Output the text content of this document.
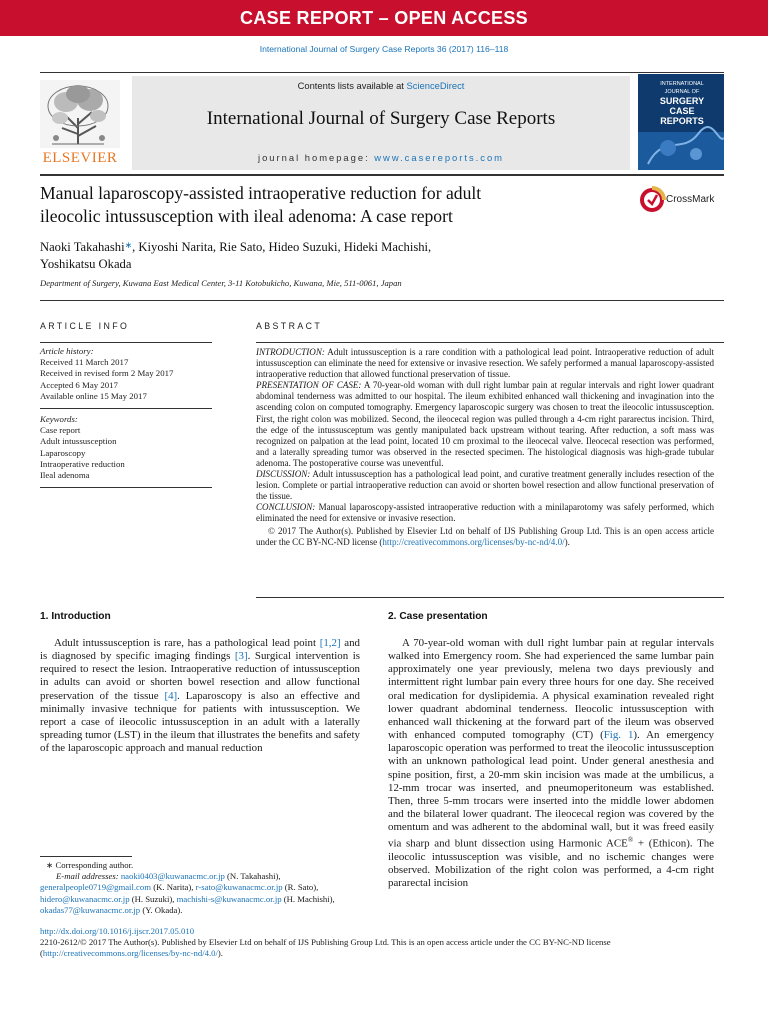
CASE REPORT – OPEN ACCESS
International Journal of Surgery Case Reports 36 (2017) 116–118
ELSEVIER
Contents lists available at ScienceDirect
International Journal of Surgery Case Reports
journal homepage: www.casereports.com
INTERNATIONAL
JOURNAL OF
SURGERY
CASE
REPORTS
Manual laparoscopy-assisted intraoperative reduction for adult
ileocolic intussusception with ileal adenoma: A case report
CrossMark
Naoki Takahashi∗, Kiyoshi Narita, Rie Sato, Hideo Suzuki, Hideki Machishi,
Yoshikatsu Okada
Department of Surgery, Kuwana East Medical Center, 3-11 Kotobukicho, Kuwana, Mie, 511-0061, Japan
ARTICLE INFO	ABSTRACT
Article history:
Received 11 March 2017
Received in revised form 2 May 2017
Accepted 6 May 2017
Available online 15 May 2017
Keywords:
Case report
Adult intussusception
Laparoscopy
Intraoperative reduction
Ileal adenoma

INTRODUCTION: Adult intussusception is a rare condition with a pathological lead point. Intraoperative reduction of adult intussusception can eliminate the need for extensive or invasive resection. We safely performed a manual laparoscopy-assisted intraoperative reduction that allowed functional preservation of tissue.

PRESENTATION OF CASE: A 70-year-old woman with dull right lumbar pain at regular intervals and right lower quadrant abdominal tenderness was admitted to our hospital. The ileum exhibited enhanced wall thickening and invagination into the ascending colon on computed tomography. Emergency laparoscopic surgery was chosen to treat the ileocolic intussusception. First, the right colon was mobilized. Second, the ileocecal region was pulled through a 4-cm right pararectus incision. Third, the edge of the intussusceptum was gently manipulated back upstream without tearing. After reduction, a soft mass was recognized on palpation at the lead point, located 10 cm proximal to the ileocecal valve. Ileocecal resection was performed, and a laterally spreading tumor was observed in the resected specimen. The histological diagnosis was high-grade tubular adenoma. The postoperative course was uneventful.

DISCUSSION: Adult intussusception has a pathological lead point, and curative treatment generally includes resection of the lesion. Complete or partial intraoperative reduction can avoid or shorten bowel resection and allow functional preservation of the tissue.

CONCLUSION: Manual laparoscopy-assisted intraoperative reduction with a minilaparotomy was safely performed, which eliminated the need for extensive or invasive resection.

© 2017 The Author(s). Published by Elsevier Ltd on behalf of IJS Publishing Group Ltd. This is an open access article under the CC BY-NC-ND license (http://creativecommons.org/licenses/by-nc-nd/4.0/).

1. Introduction

Adult intussusception is rare, has a pathological lead point [1,2] and is diagnosed by specific imaging findings [3]. Surgical intervention is required to resect the lesion. Intraoperative reduction of intussusception in adults can avoid or shorten bowel resection and allow functional preservation of the tissue [4]. Laparoscopy is also an effective and minimally invasive technique for patients with intussusception. We report a case of ileocolic intussusception in an adult with a laterally spreading tumor (LST) in the ileum that illustrates the benefits and safety of the laparoscopic approach and manual reduction

2. Case presentation

A 70-year-old woman with dull right lumbar pain at regular intervals walked into Emergency room. She had experienced the same lumbar pain approximately one year previously, melena two days previously and intermittent right lumbar pain every three hours for one day. She received oral medication for dyslipidemia. A physical examination revealed right lower quadrant abdominal tenderness. Ileocolic intussusception with enhanced wall thickening at the forward part of the ileum was observed with enhanced computed tomography (CT) (Fig. 1). An emergency laparoscopic operation was performed to treat the ileocolic intussusception with an unknown pathological lead point. Under general anesthesia and spine position, first, a 20-mm skin incision was made at the umbilicus, a 12-mm trocar was inserted, and pneumoperitoneum was established. Then, three 5-mm trocars were inserted into the middle lower abdomen and the bilateral lower quadrant. The ileocecal region was covered by the omentum and was adherent to the abdominal wall, but it was freed easily via sharp and blunt dissection using Harmonic ACE® + (Ethicon). The ileocolic intussusception was visible, and no ischemic changes were observed. Mobilization of the right colon was performed, a 4-cm right pararectal incision

∗ Corresponding author.
E-mail addresses: naoki0403@kuwanacmc.or.jp (N. Takahashi),
generalpeople0719@gmail.com (K. Narita), r-sato@kuwanacmc.or.jp (R. Sato),
hidero@kuwanacmc.or.jp (H. Suzuki), machishi-s@kuwanacmc.or.jp (H. Machishi),
okadas77@kuwanacmc.or.jp (Y. Okada).
http://dx.doi.org/10.1016/j.ijscr.2017.05.010
2210-2612/© 2017 The Author(s). Published by Elsevier Ltd on behalf of IJS Publishing Group Ltd. This is an open access article under the CC BY-NC-ND license (http://creativecommons.org/licenses/by-nc-nd/4.0/).
